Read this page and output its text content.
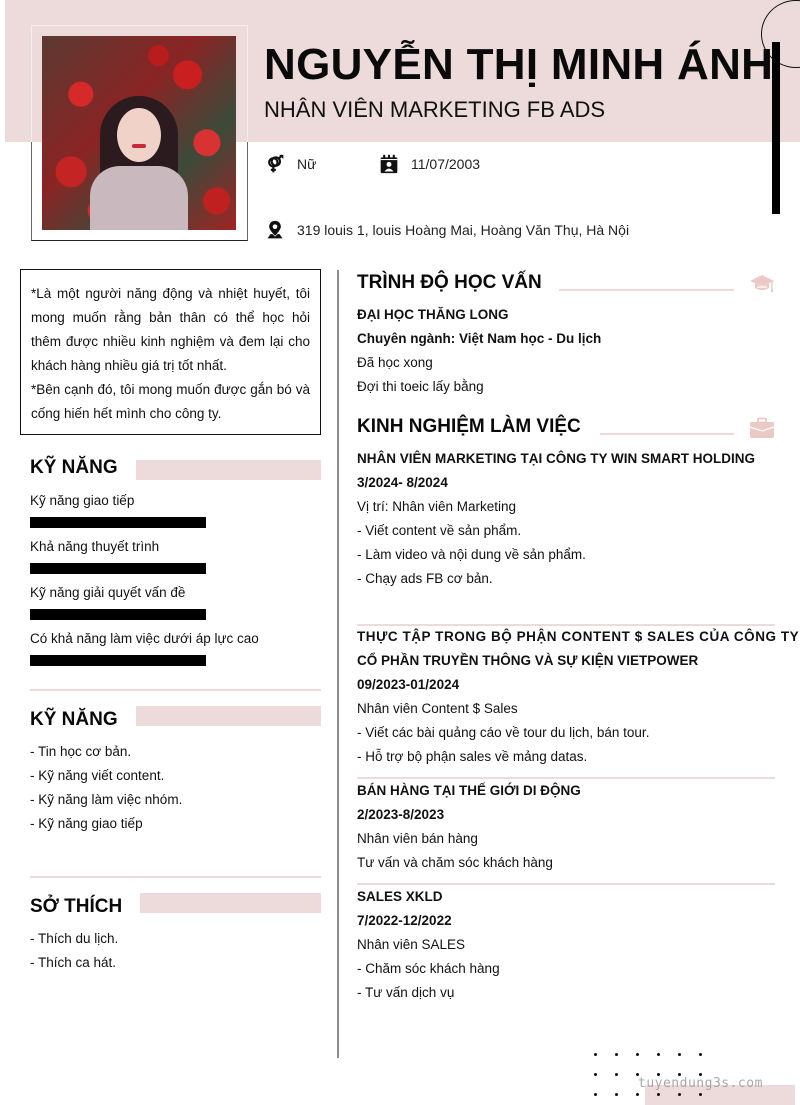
NGUYỄN THỊ MINH ÁNH
NHÂN VIÊN MARKETING FB ADS
Nữ	11/07/2003
319 louis 1, louis Hoàng Mai, Hoàng Văn Thụ, Hà Nội
*Là một người năng động và nhiệt huyết, tôi mong muốn rằng bản thân có thể học hỏi thêm được nhiều kinh nghiệm và đem lại cho khách hàng nhiều giá trị tốt nhất.
*Bên cạnh đó, tôi mong muốn được gắn bó và cống hiến hết mình cho công ty.
KỸ NĂNG
Kỹ năng giao tiếp
Khả năng thuyết trình
Kỹ năng giải quyết vấn đề
Có khả năng làm việc dưới áp lực cao
KỸ NĂNG
- Tin học cơ bản.
- Kỹ năng viết content.
- Kỹ năng làm việc nhóm.
- Kỹ năng giao tiếp
SỞ THÍCH
- Thích du lịch.
- Thích ca hát.
TRÌNH ĐỘ HỌC VẤN
ĐẠI HỌC THĂNG LONG
Chuyên ngành: Việt Nam học - Du lịch
Đã học xong
Đợi thi toeic lấy bằng
KINH NGHIỆM LÀM VIỆC
NHÂN VIÊN MARKETING TẠI CÔNG TY WIN SMART HOLDING
3/2024- 8/2024
Vị trí: Nhân viên Marketing
- Viết content về sản phẩm.
- Làm video và nội dung về sản phẩm.
- Chạy ads FB cơ bản.
THỰC TẬP TRONG BỘ PHẬN CONTENT $ SALES CỦA CÔNG TY
CỔ PHẦN TRUYỀN THÔNG VÀ SỰ KIỆN VIETPOWER
09/2023-01/2024
Nhân viên Content $ Sales
- Viết các bài quảng cáo về tour du lịch, bán tour.
- Hỗ trợ bộ phận sales về mảng datas.
BÁN HÀNG TẠI THẾ GIỚI DI ĐỘNG
2/2023-8/2023
Nhân viên bán hàng
Tư vấn và chăm sóc khách hàng
SALES XKLD
7/2022-12/2022
Nhân viên SALES
- Chăm sóc khách hàng
- Tư vấn dịch vụ
tuyendung3s.com
